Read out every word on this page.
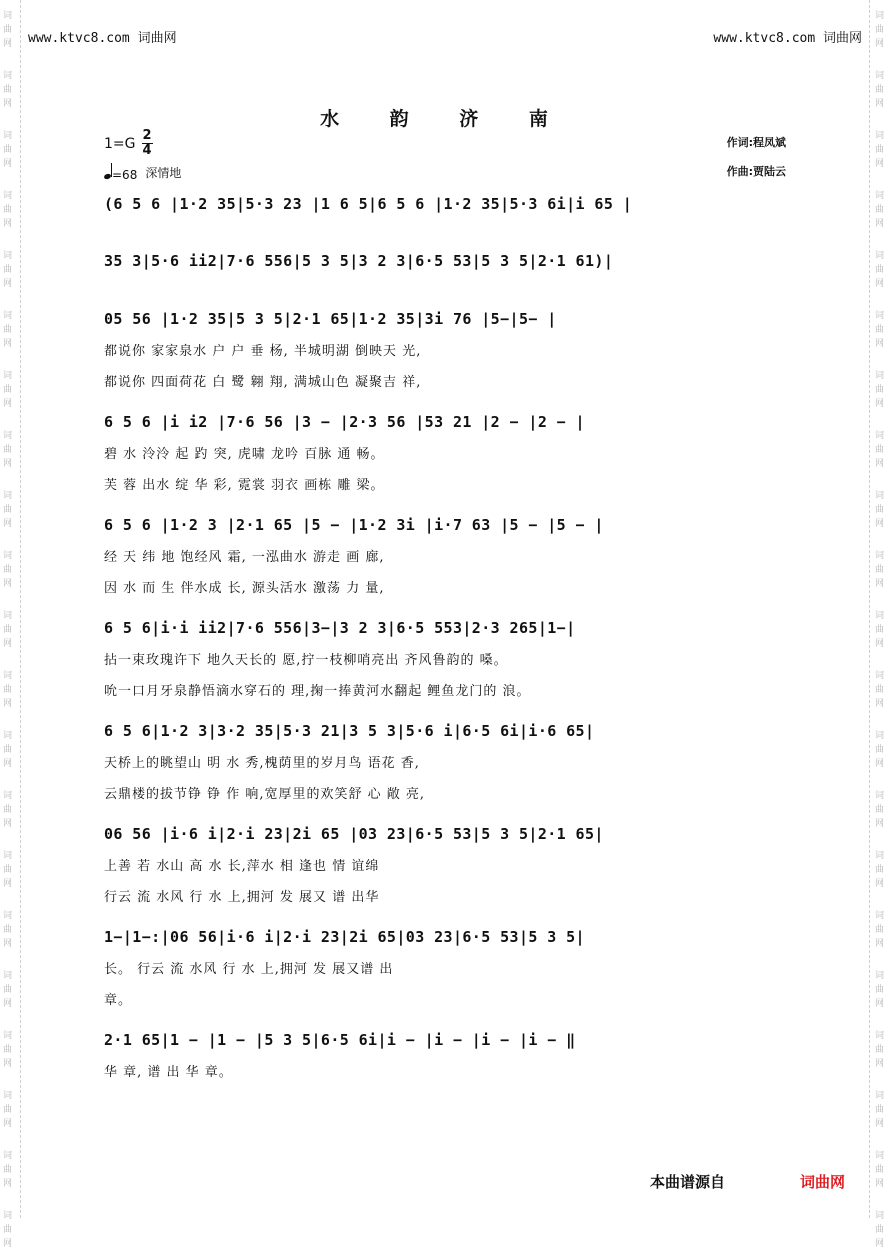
词
曲
网
词
曲
网
词
曲
网
词
曲
网
词
曲
网
词
曲
网
词
曲
网
词
曲
网
词
曲
网
词
曲
网
词
曲
网
词
曲
网
词
曲
网
词
曲
网
词
曲
网
词
曲
网
词
曲
网
词
曲
网
词
曲
网
词
曲
网
词
曲
网
词
曲
网
词
曲
网
词
曲
网
词
曲
网
词
曲
网
词
曲
网
词
曲
网
词
曲
网
词
曲
网
词
曲
网
词
曲
网
词
曲
网
词
曲
网
词
曲
网
词
曲
网
词
曲
网
词
曲
网
词
曲
网
词
曲
网
词
曲
网
词
曲
网
www.ktvc8.com 词曲网	www.ktvc8.com 词曲网
水 韵 济 南
$1=G \frac{2}{4}$
=68 深情地
作词:程凤斌
作曲:贾陆云
(6 5 6 |1·2 35|5·3 23 |1 6 5|6 5 6 |1·2 35|5·3 6i|i 65 |
35 3|5·6 ii2|7·6 556|5 3 5|3 2 3|6·5 53|5 3 5|2·1 61)|
05 56 |1·2 35|5 3 5|2·1 65|1·2 35|3i 76 |5−|5− |
都说你 家家泉水 户 户 垂 杨, 半城明湖 倒映天 光,
都说你 四面荷花 白 鹭 翱 翔, 满城山色 凝聚吉 祥,
6 5 6 |i i2 |7·6 56 |3 − |2·3 56 |53 21 |2 − |2 − |
碧 水 泠泠 起 趵 突, 虎啸 龙吟 百脉 通 畅。
芙 蓉 出水 绽 华 彩, 霓裳 羽衣 画栋 雕 梁。
6 5 6 |1·2 3 |2·1 65 |5 − |1·2 3i |i·7 63 |5 − |5 − |
经 天 纬 地 饱经风 霜, 一泓曲水 游走 画 廊,
因 水 而 生 伴水成 长, 源头活水 激荡 力 量,
6 5 6|i·i ii2|7·6 556|3−|3 2 3|6·5 553|2·3 265|1−|
拈一束玫瑰许下 地久天长的 愿,拧一枝柳哨亮出 齐风鲁韵的 嗓。
吮一口月牙泉静悟滴水穿石的 理,掬一捧黄河水翻起 鲤鱼龙门的 浪。
6 5 6|1·2 3|3·2 35|5·3 21|3 5 3|5·6 i|6·5 6i|i·6 65|
天桥上的眺望山 明 水 秀,槐荫里的岁月鸟 语花 香,
云鼎楼的拔节铮 铮 作 响,宽厚里的欢笑舒 心 敞 亮,
06 56 |i·6 i|2·i 23|2i 65 |03 23|6·5 53|5 3 5|2·1 65|
上善 若 水山 高 水 长,萍水 相 逢也 情 谊绵
行云 流 水风 行 水 上,拥河 发 展又 谱 出华
1−|1−:|06 56|i·6 i|2·i 23|2i 65|03 23|6·5 53|5 3 5|
长。 行云 流 水风 行 水 上,拥河 发 展又谱 出
章。
2·1 65|1 − |1 − |5 3 5|6·5 6i|i − |i − |i − |i − ‖
华 章, 谱 出 华 章。
本曲谱源自	词曲网
